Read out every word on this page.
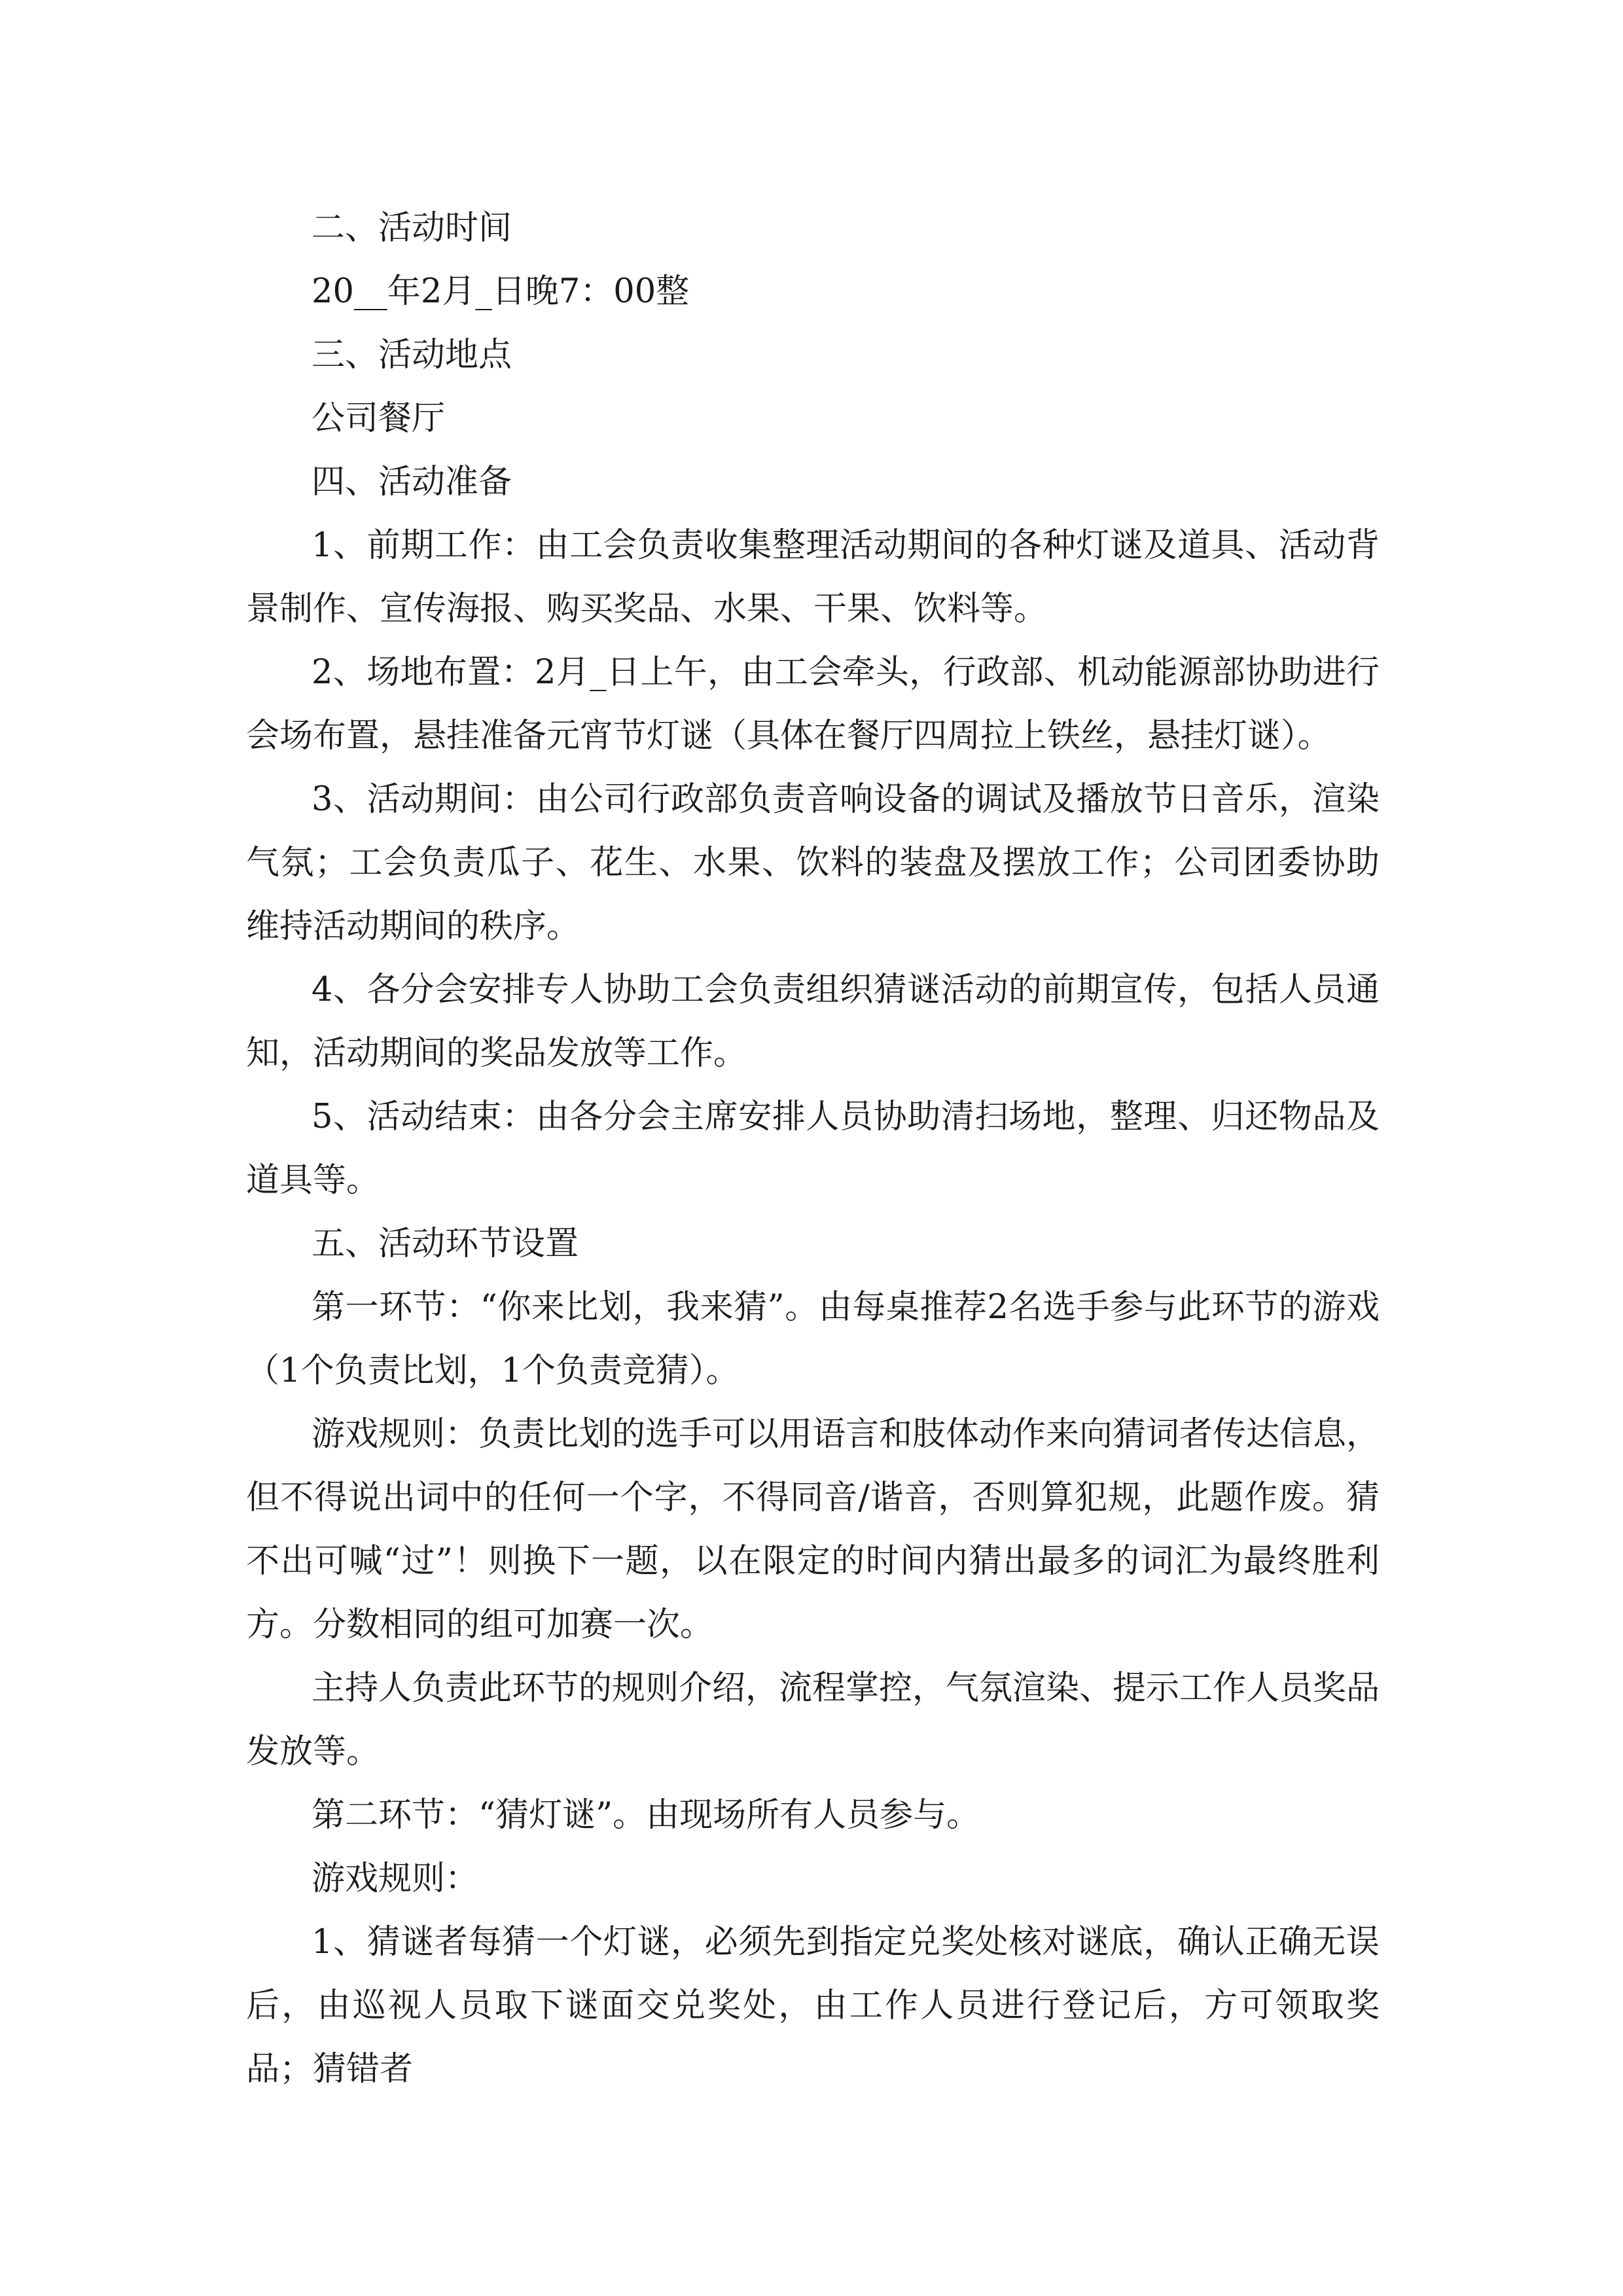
二、活动时间

20__年2月_日晚7：00整

三、活动地点

公司餐厅

四、活动准备

1、前期工作：由工会负责收集整理活动期间的各种灯谜及道具、活动背景制作、宣传海报、购买奖品、水果、干果、饮料等。

2、场地布置：2月_日上午，由工会牵头，行政部、机动能源部协助进行会场布置，悬挂准备元宵节灯谜（具体在餐厅四周拉上铁丝，悬挂灯谜）。

3、活动期间：由公司行政部负责音响设备的调试及播放节日音乐，渲染气氛；工会负责瓜子、花生、水果、饮料的装盘及摆放工作；公司团委协助维持活动期间的秩序。

4、各分会安排专人协助工会负责组织猜谜活动的前期宣传，包括人员通知，活动期间的奖品发放等工作。

5、活动结束：由各分会主席安排人员协助清扫场地，整理、归还物品及道具等。

五、活动环节设置

第一环节：“你来比划，我来猜”。由每桌推荐2名选手参与此环节的游戏（1个负责比划，1个负责竞猜）。

游戏规则：负责比划的选手可以用语言和肢体动作来向猜词者传达信息，但不得说出词中的任何一个字，不得同音/谐音，否则算犯规，此题作废。猜不出可喊“过”！则换下一题，以在限定的时间内猜出最多的词汇为最终胜利方。分数相同的组可加赛一次。

主持人负责此环节的规则介绍，流程掌控，气氛渲染、提示工作人员奖品发放等。

第二环节：“猜灯谜”。由现场所有人员参与。

游戏规则：

1、猜谜者每猜一个灯谜，必须先到指定兑奖处核对谜底，确认正确无误后，由巡视人员取下谜面交兑奖处，由工作人员进行登记后，方可领取奖品；猜错者
